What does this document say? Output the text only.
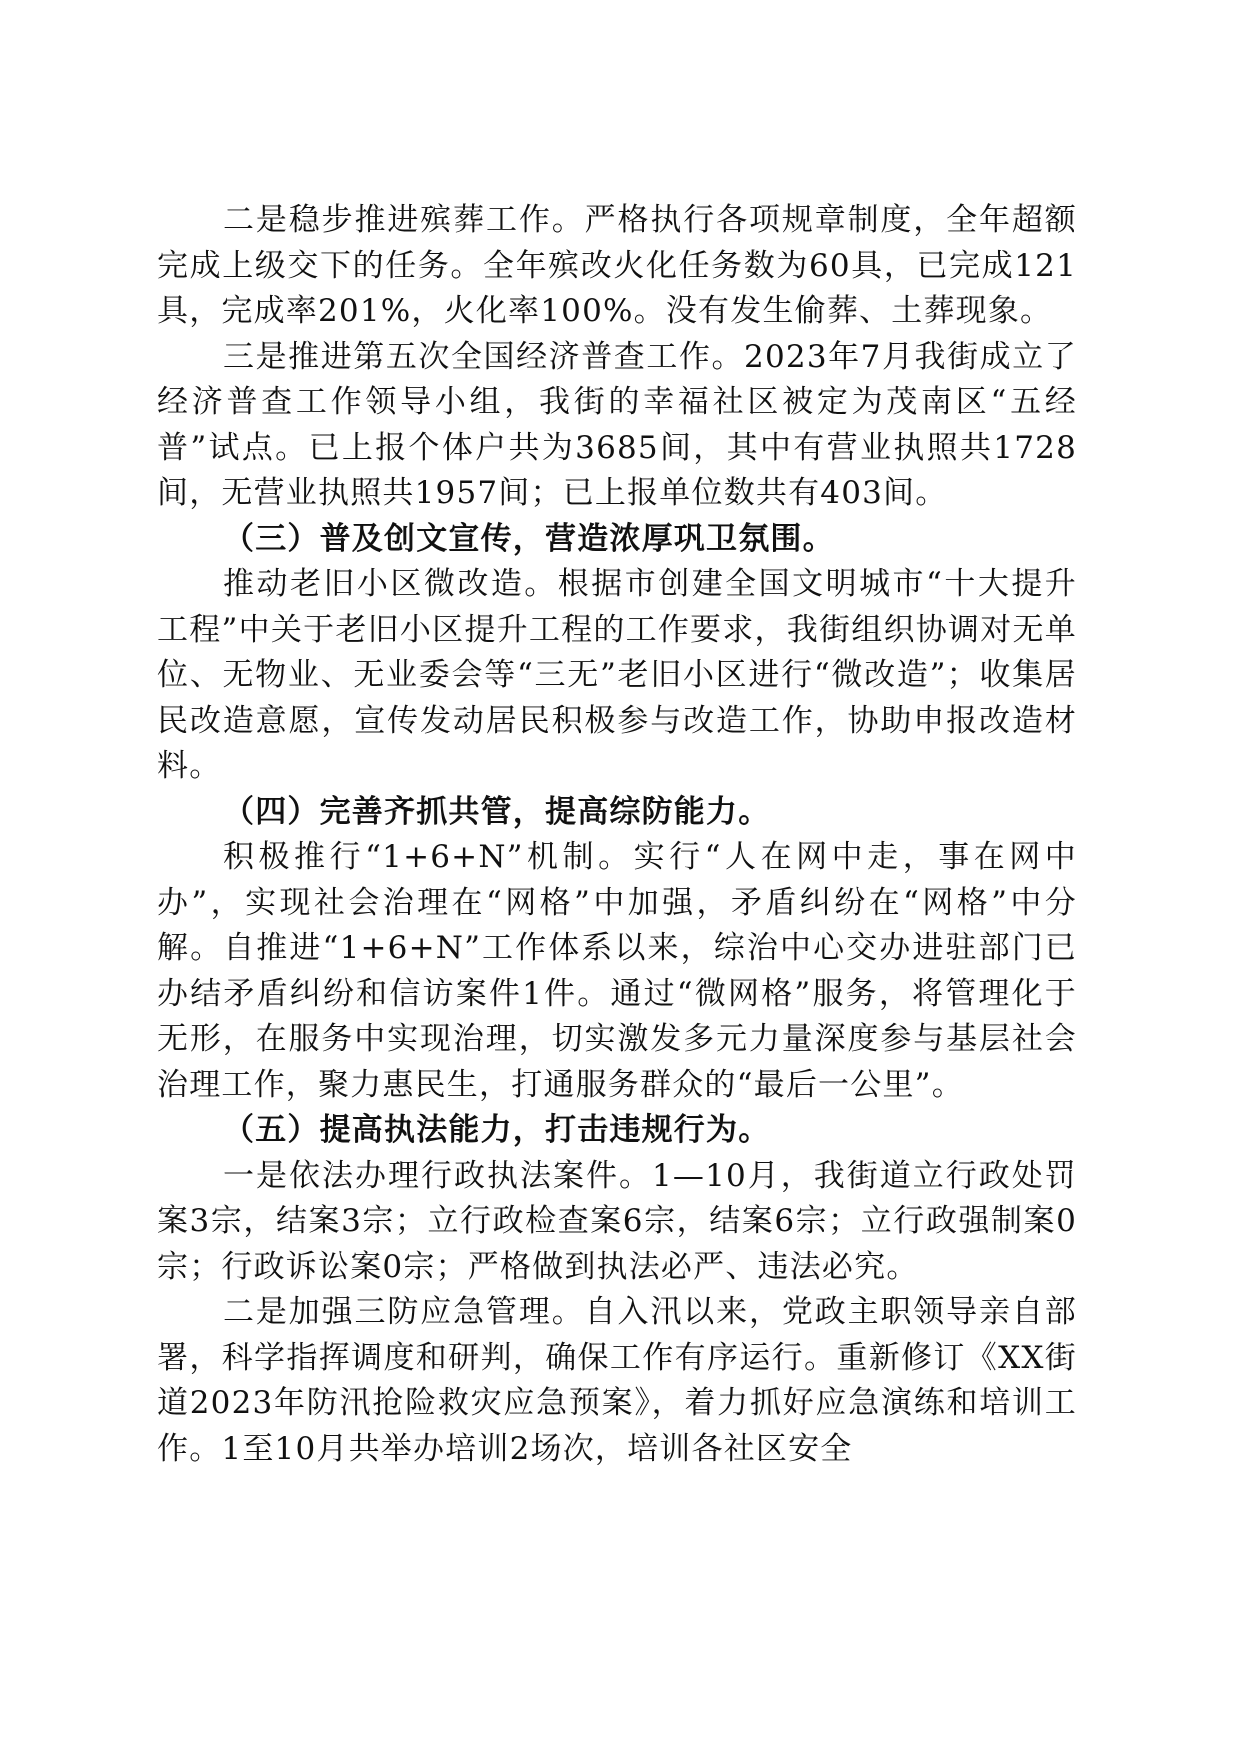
二是稳步推进殡葬工作。严格执行各项规章制度，全年超额完成上级交下的任务。全年殡改火化任务数为60具，已完成121具，完成率201%，火化率100%。没有发生偷葬、土葬现象。

三是推进第五次全国经济普查工作。2023年7月我街成立了经济普查工作领导小组，我街的幸福社区被定为茂南区“五经普”试点。已上报个体户共为3685间，其中有营业执照共1728间，无营业执照共1957间；已上报单位数共有403间。

（三）普及创文宣传，营造浓厚巩卫氛围。

推动老旧小区微改造。根据市创建全国文明城市“十大提升工程”中关于老旧小区提升工程的工作要求，我街组织协调对无单位、无物业、无业委会等“三无”老旧小区进行“微改造”；收集居民改造意愿，宣传发动居民积极参与改造工作，协助申报改造材料。

（四）完善齐抓共管，提高综防能力。

积极推行“1+6+N”机制。实行“人在网中走，事在网中办”，实现社会治理在“网格”中加强，矛盾纠纷在“网格”中分解。自推进“1+6+N”工作体系以来，综治中心交办进驻部门已办结矛盾纠纷和信访案件1件。通过“微网格”服务，将管理化于无形，在服务中实现治理，切实激发多元力量深度参与基层社会治理工作，聚力惠民生，打通服务群众的“最后一公里”。

（五）提高执法能力，打击违规行为。

一是依法办理行政执法案件。1—10月，我街道立行政处罚案3宗，结案3宗；立行政检查案6宗，结案6宗；立行政强制案0宗；行政诉讼案0宗；严格做到执法必严、违法必究。

二是加强三防应急管理。自入汛以来，党政主职领导亲自部署，科学指挥调度和研判，确保工作有序运行。重新修订《XX街道2023年防汛抢险救灾应急预案》，着力抓好应急演练和培训工作。1至10月共举办培训2场次，培训各社区安全
